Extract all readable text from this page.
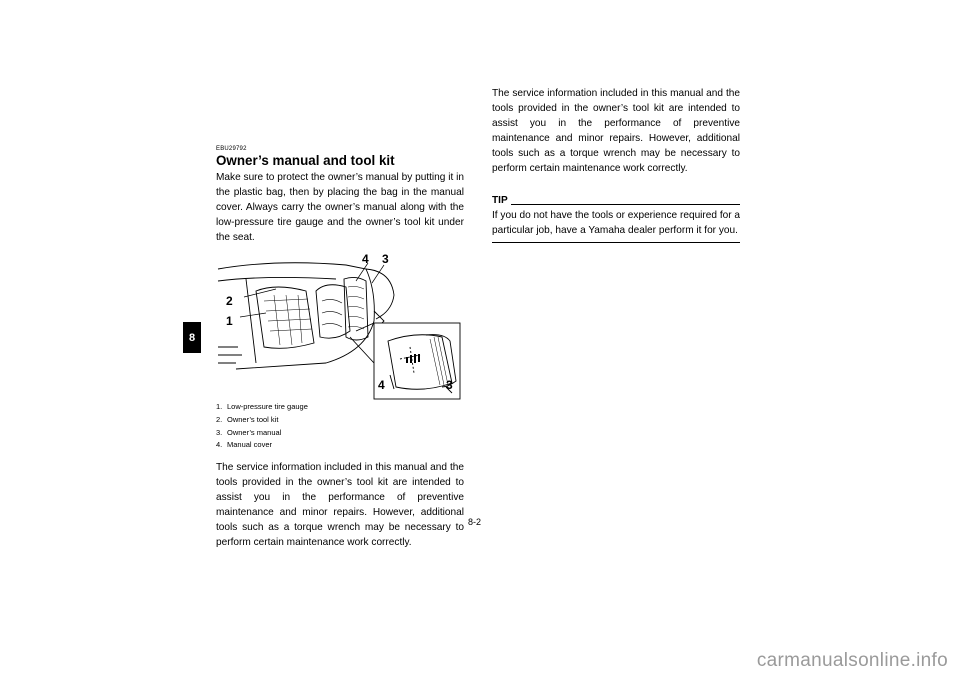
8
EBU29792
Owner’s manual and tool kit

Make sure to protect the owner’s manual by putting it in the plastic bag, then by placing the bag in the manual cover. Always carry the owner’s manual along with the low-pressure tire gauge and the owner’s tool kit under the seat.

4 3
2
1
4	3
1. Low-pressure tire gauge
2. Owner’s tool kit
3. Owner’s manual
4. Manual cover

The service information included in this manual and the tools provided in the owner’s tool kit are intended to assist you in the performance of preventive maintenance and minor repairs. However, additional tools such as a torque wrench may be necessary to perform certain maintenance work correctly.

The service information included in this manual and the tools provided in the owner’s tool kit are intended to assist you in the performance of preventive maintenance and minor repairs. However, additional tools such as a torque wrench may be necessary to perform certain maintenance work correctly.

TIP

If you do not have the tools or experience required for a particular job, have a Yamaha dealer perform it for you.

8-2
carmanualsonline.info
